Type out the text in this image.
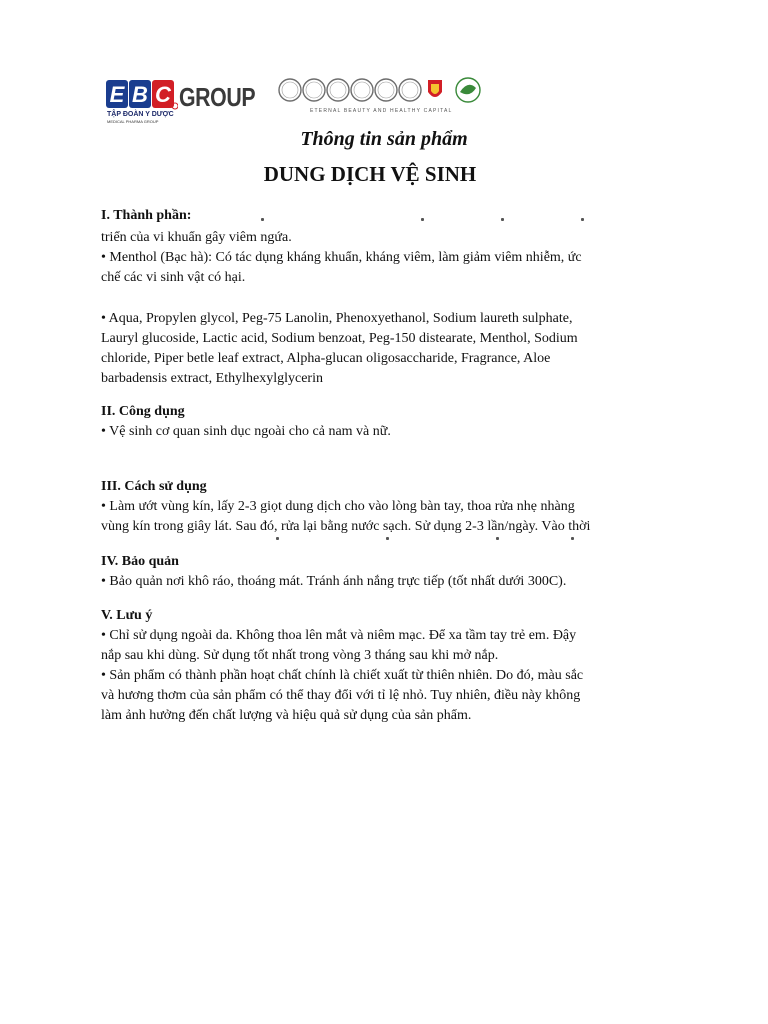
E B C GROUP
TẬP ĐOÀN Y DƯỢC
MEDICAL PHARMA GROUP
ETERNAL BEAUTY AND HEALTHY CAPITAL
Thông tin sản phẩm
DUNG DỊCH VỆ SINH
I. Thành phần:
triển của vi khuẩn gây viêm ngứa.
• Menthol (Bạc hà): Có tác dụng kháng khuẩn, kháng viêm, làm giảm viêm nhiễm, ức
chế các vi sinh vật có hại.
• Aqua, Propylen glycol, Peg-75 Lanolin, Phenoxyethanol, Sodium laureth sulphate,
Lauryl glucoside, Lactic acid, Sodium benzoat, Peg-150 distearate, Menthol, Sodium
chloride, Piper betle leaf extract, Alpha-glucan oligosaccharide, Fragrance, Aloe
barbadensis extract, Ethylhexylglycerin
II. Công dụng
• Vệ sinh cơ quan sinh dục ngoài cho cả nam và nữ.
III. Cách sử dụng
• Làm ướt vùng kín, lấy 2-3 giọt dung dịch cho vào lòng bàn tay, thoa rửa nhẹ nhàng
vùng kín trong giây lát. Sau đó, rửa lại bằng nước sạch. Sử dụng 2-3 lần/ngày. Vào thời
IV. Bảo quản
• Bảo quản nơi khô ráo, thoáng mát. Tránh ánh nắng trực tiếp (tốt nhất dưới 300C).
V. Lưu ý
• Chỉ sử dụng ngoài da. Không thoa lên mắt và niêm mạc. Để xa tầm tay trẻ em. Đậy
nắp sau khi dùng. Sử dụng tốt nhất trong vòng 3 tháng sau khi mở nắp.
• Sản phẩm có thành phần hoạt chất chính là chiết xuất từ thiên nhiên. Do đó, màu sắc
và hương thơm của sản phẩm có thể thay đổi với tỉ lệ nhỏ. Tuy nhiên, điều này không
làm ảnh hưởng đến chất lượng và hiệu quả sử dụng của sản phẩm.
